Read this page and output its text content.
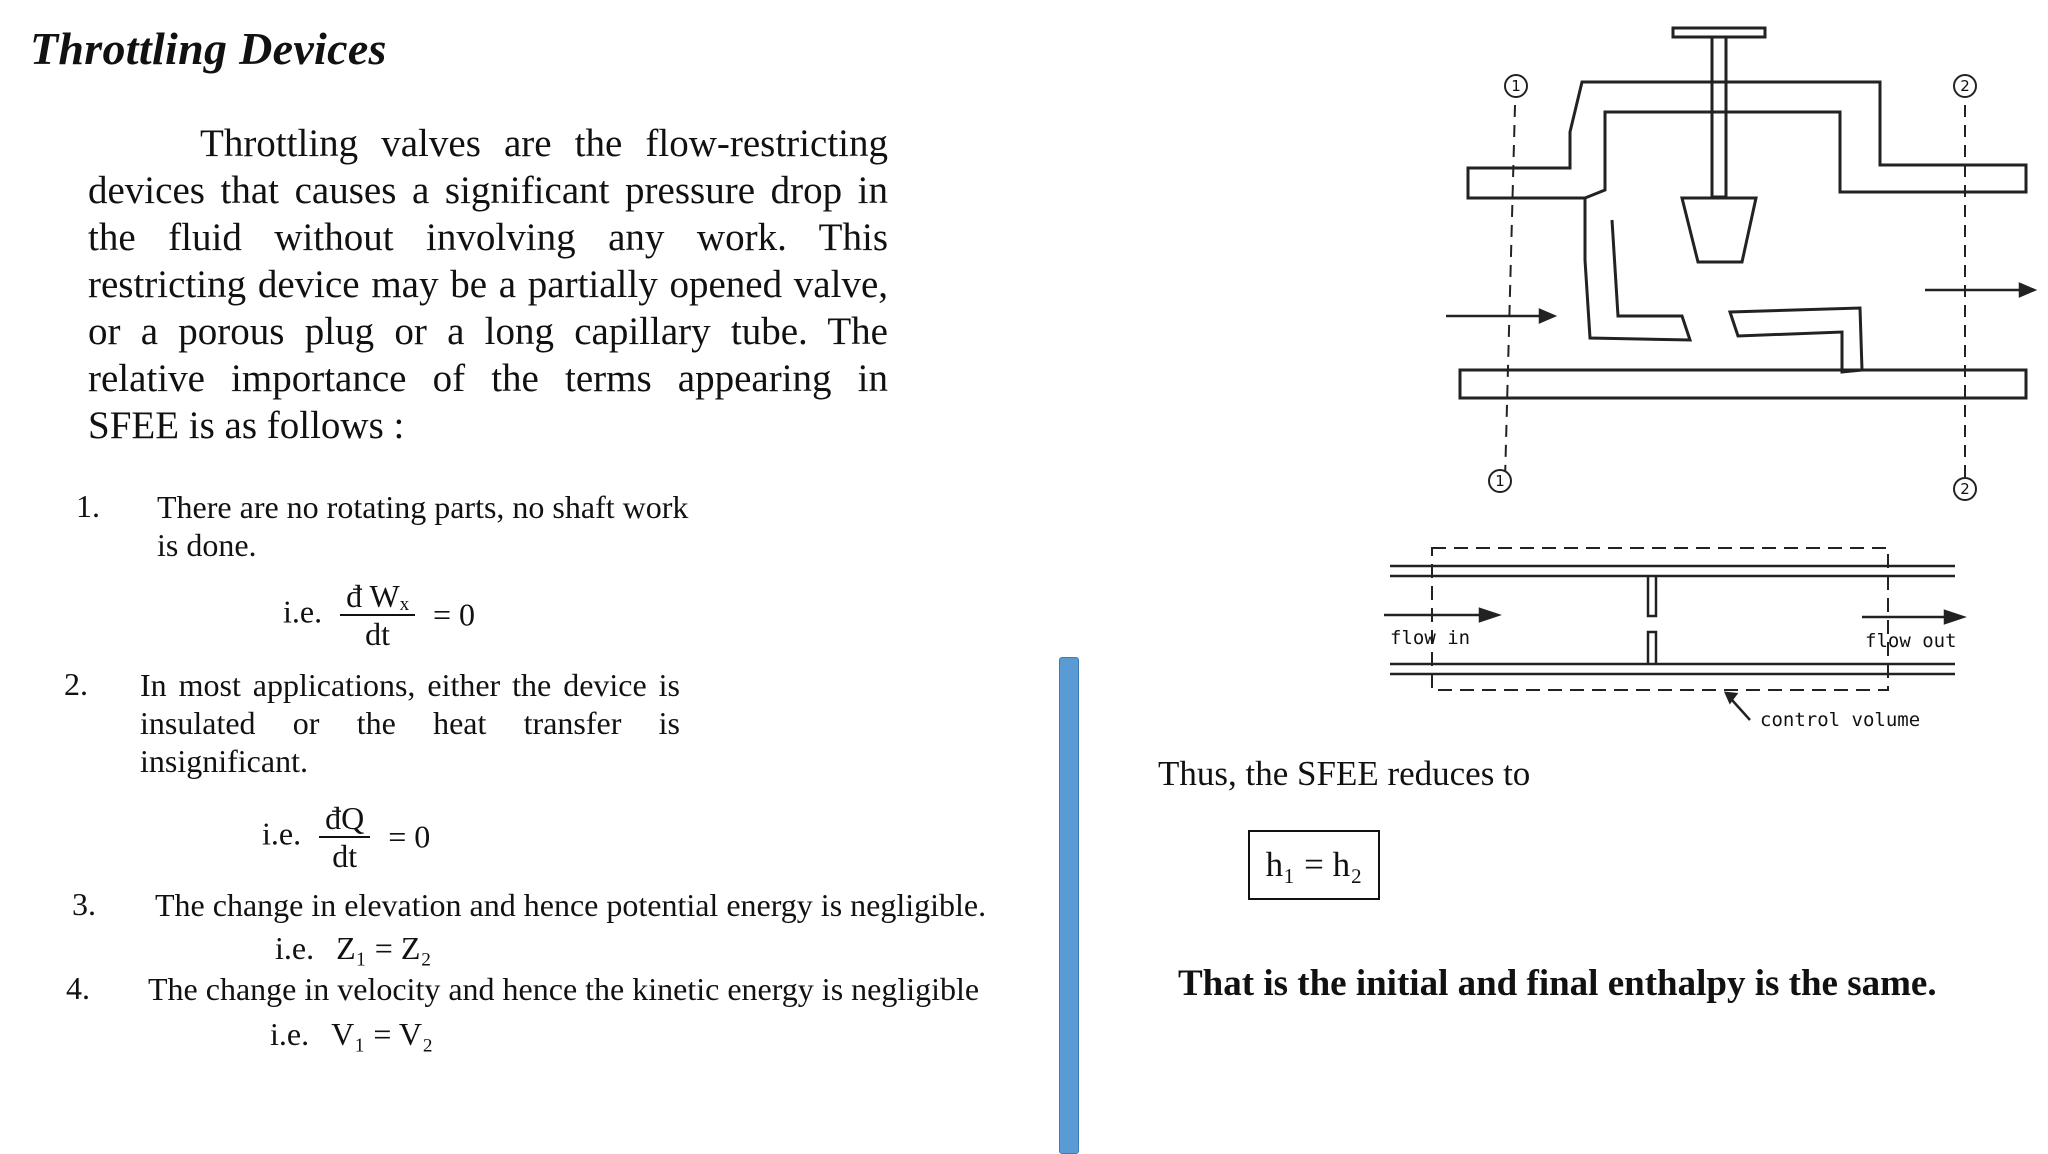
Throttling Devices
Throttling valves are the flow-restricting devices that causes a significant pressure drop in the fluid without involving any work. This restricting device may be a partially opened valve, or a porous plug or a long capillary tube. The relative importance of the terms appearing in SFEE is as follows :
1. There are no rotating parts, no shaft work
is done.
i.e. $\frac{\text{đ Wₓ}}{dt} = 0$
2. In most applications, either the device is insulated or the heat transfer is insignificant.
i.e. $\frac{đQ}{dt} = 0$
3. The change in elevation and hence potential energy is negligible.
i.e. Z₁ = Z₂
4. The change in velocity and hence the kinetic energy is negligible
i.e. V₁ = V₂
1
1
2
2
flow in	flow out
control volume
Thus, the SFEE reduces to
h₁ = h₂
That is the initial and final enthalpy is the same.
